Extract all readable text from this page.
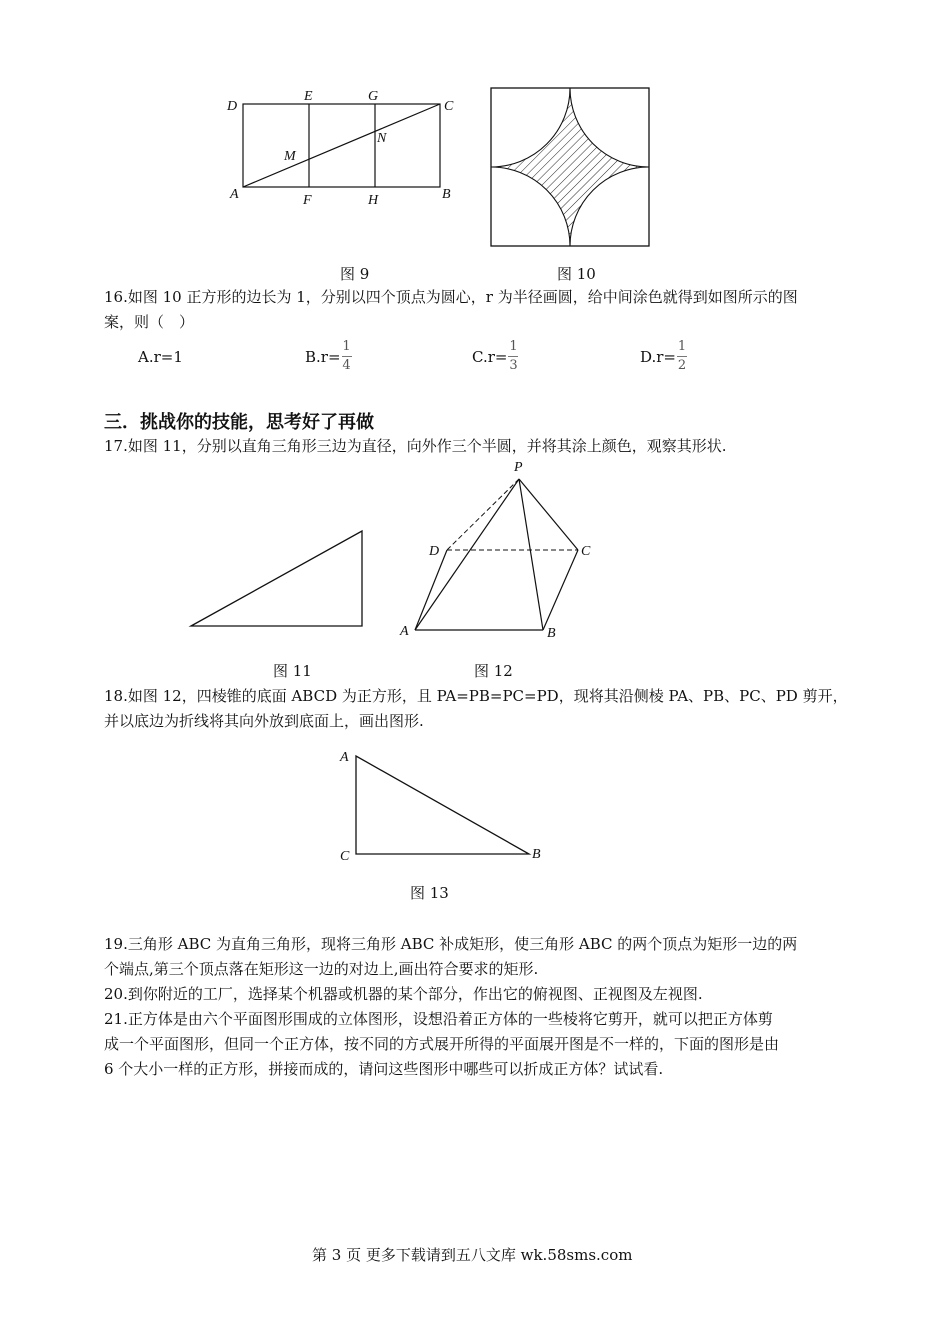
D
E	G
C
M
N
A	F	H	B
图 9	图 10
16.如图 10 正方形的边长为 1，分别以四个顶点为圆心，r 为半径画圆，给中间涂色就得到如图所示的图
案，则（　）
A.r= 1	$B.r= \frac{1}{4}$	$C.r= \frac{1}{3}$	$D.r= \frac{1}{2}$
三．挑战你的技能，思考好了再做
17.如图 11，分别以直角三角形三边为直径，向外作三个半圆，并将其涂上颜色，观察其形状.
P
D	C
A	B
图 11	图 12
18.如图 12，四棱锥的底面 ABCD 为正方形，且 PA=PB=PC=PD，现将其沿侧棱 PA、PB、PC、PD 剪开，
并以底边为折线将其向外放到底面上，画出图形.
A
C	B
图 13
19.三角形 ABC 为直角三角形，现将三角形 ABC 补成矩形，使三角形 ABC 的两个顶点为矩形一边的两
个端点,第三个顶点落在矩形这一边的对边上,画出符合要求的矩形.
20.到你附近的工厂，选择某个机器或机器的某个部分，作出它的俯视图、正视图及左视图.
21.正方体是由六个平面图形围成的立体图形，设想沿着正方体的一些棱将它剪开，就可以把正方体剪
成一个平面图形，但同一个正方体，按不同的方式展开所得的平面展开图是不一样的，下面的图形是由
6 个大小一样的正方形，拼接而成的，请问这些图形中哪些可以折成正方体？试试看.
第 3 页 更多下载请到五八文库 wk.58sms.com
